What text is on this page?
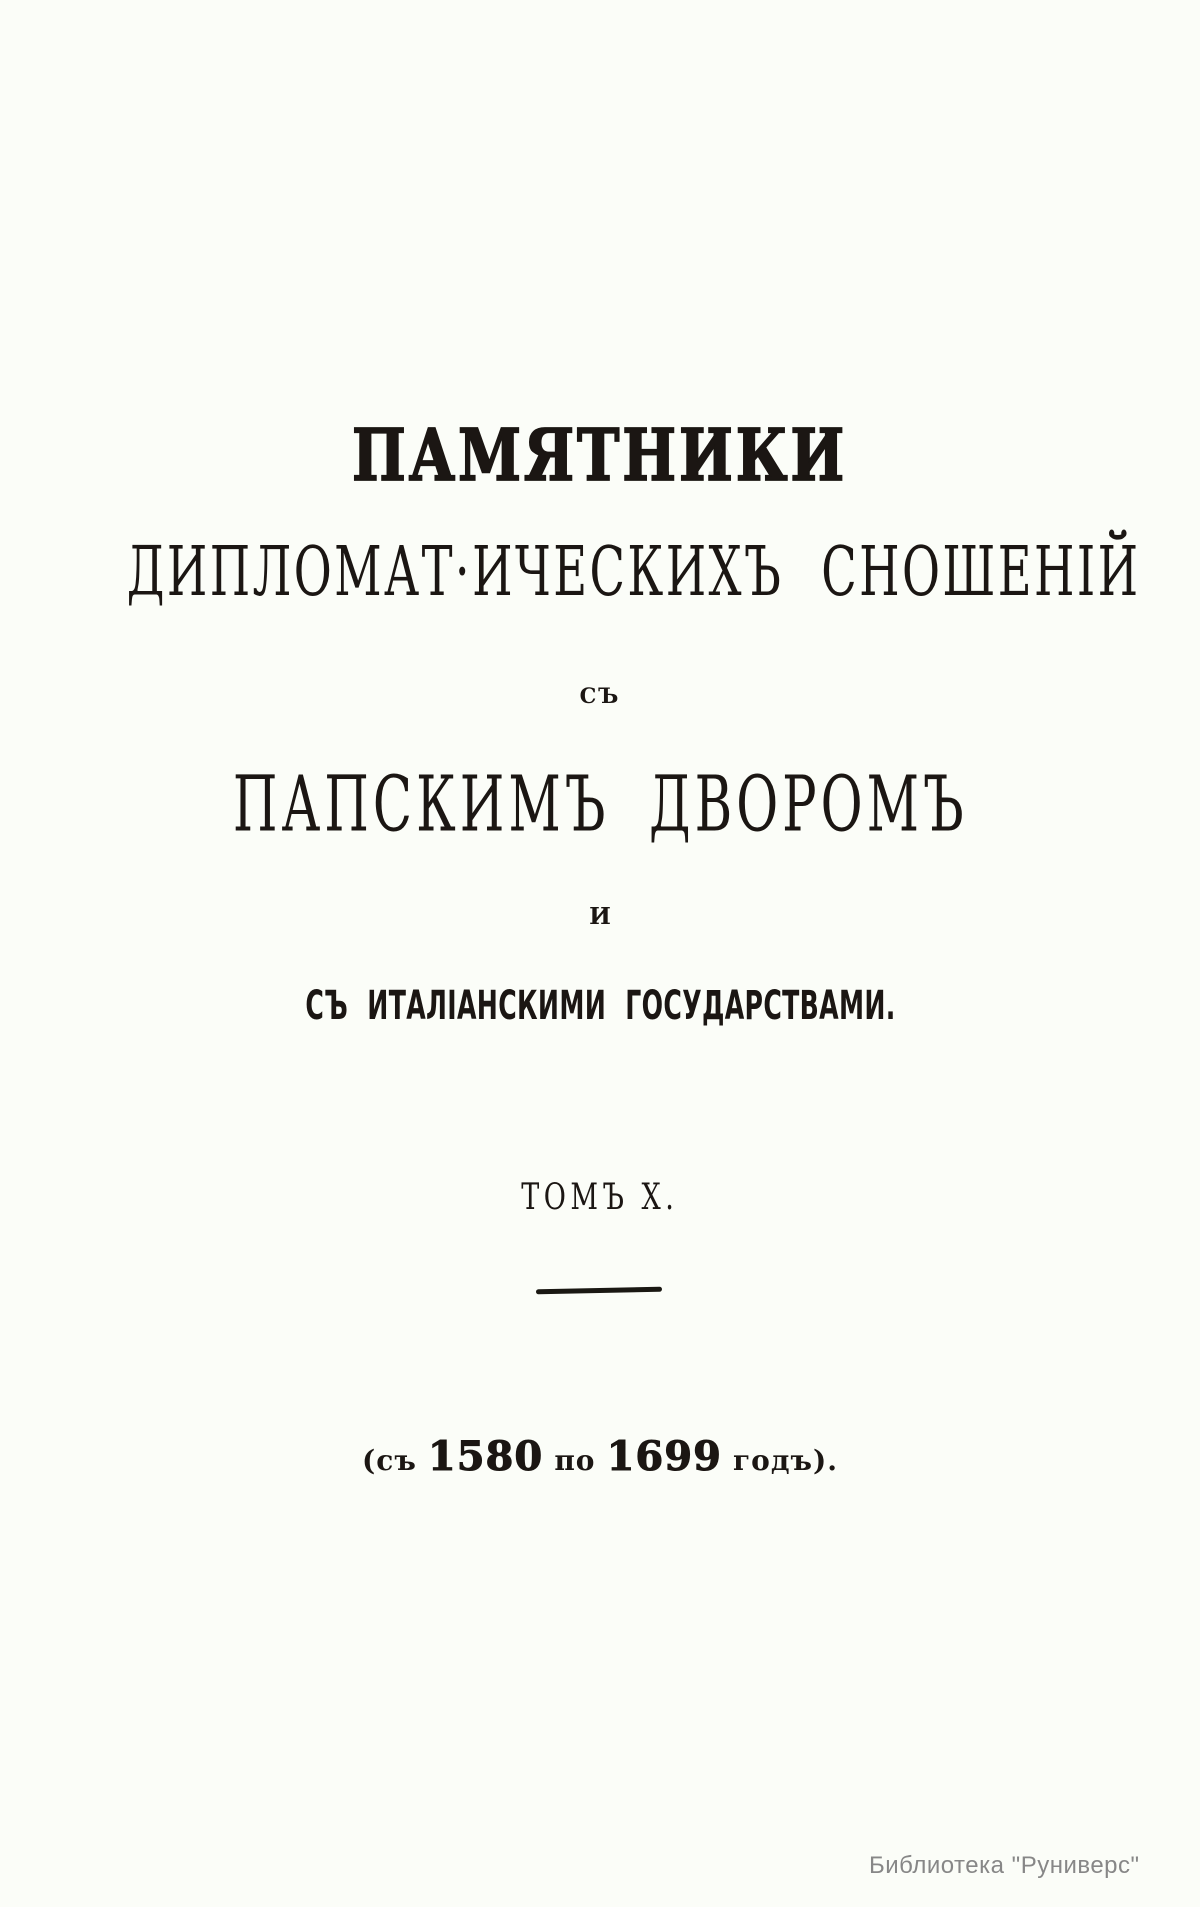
ПАМЯТНИКИ
ДИПЛОМАТ·ИЧЕСКИХЪ СНОШЕНІЙ
СЪ
ПАПСКИМЪ ДВОРОМЪ
И
СЪ ИТАЛІАНСКИМИ ГОСУДАРСТВАМИ.
ТОМЪ X.
(съ 1580 по 1699 годъ).
Библиотека "Руниверс"
